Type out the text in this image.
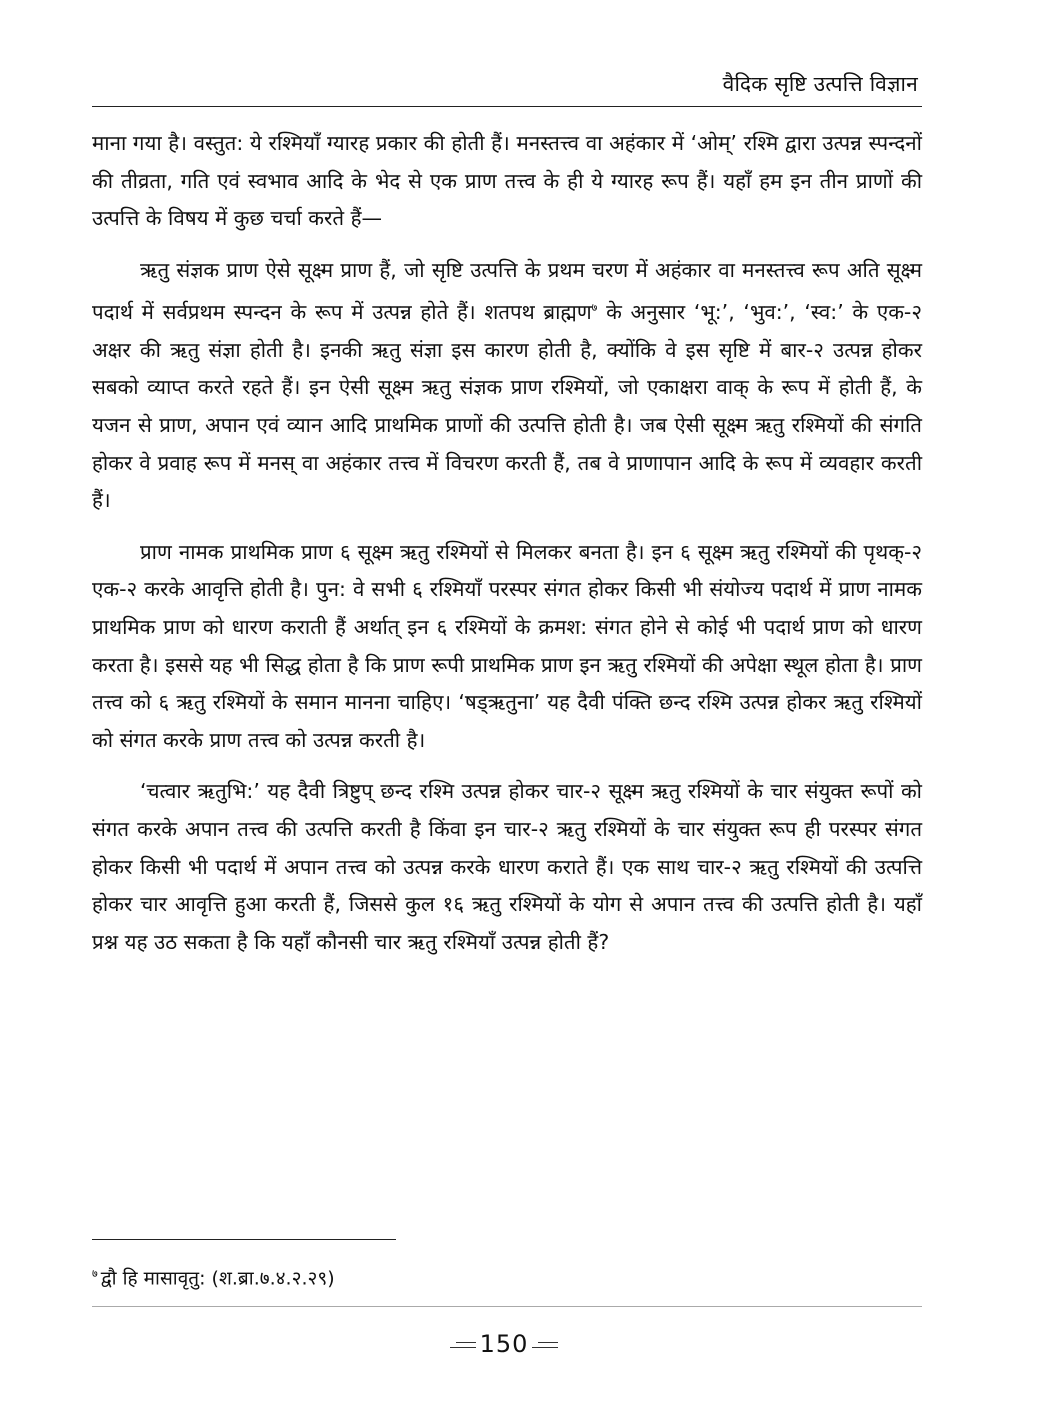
वैदिक सृष्टि उत्पत्ति विज्ञान

माना गया है। वस्तुत: ये रश्मियाँ ग्यारह प्रकार की होती हैं। मनस्तत्त्व वा अहंकार में ‘ओम्’ रश्मि द्वारा उत्पन्न स्पन्दनों की तीव्रता, गति एवं स्वभाव आदि के भेद से एक प्राण तत्त्व के ही ये ग्यारह रूप हैं। यहाँ हम इन तीन प्राणों की उत्पत्ति के विषय में कुछ चर्चा करते हैं—

ऋतु संज्ञक प्राण ऐसे सूक्ष्म प्राण हैं, जो सृष्टि उत्पत्ति के प्रथम चरण में अहंकार वा मनस्तत्त्व रूप अति सूक्ष्म पदार्थ में सर्वप्रथम स्पन्दन के रूप में उत्पन्न होते हैं। शतपथ ब्राह्मण$^७$ के अनुसार ‘भू:’, ‘भुव:’, ‘स्व:’ के एक-२ अक्षर की ऋतु संज्ञा होती है। इनकी ऋतु संज्ञा इस कारण होती है, क्योंकि वे इस सृष्टि में बार-२ उत्पन्न होकर सबको व्याप्त करते रहते हैं। इन ऐसी सूक्ष्म ऋतु संज्ञक प्राण रश्मियों, जो एकाक्षरा वाक् के रूप में होती हैं, के यजन से प्राण, अपान एवं व्यान आदि प्राथमिक प्राणों की उत्पत्ति होती है। जब ऐसी सूक्ष्म ऋतु रश्मियों की संगति होकर वे प्रवाह रूप में मनस् वा अहंकार तत्त्व में विचरण करती हैं, तब वे प्राणापान आदि के रूप में व्यवहार करती हैं।

प्राण नामक प्राथमिक प्राण ६ सूक्ष्म ऋतु रश्मियों से मिलकर बनता है। इन ६ सूक्ष्म ऋतु रश्मियों की पृथक्-२ एक-२ करके आवृत्ति होती है। पुन: वे सभी ६ रश्मियाँ परस्पर संगत होकर किसी भी संयोज्य पदार्थ में प्राण नामक प्राथमिक प्राण को धारण कराती हैं अर्थात् इन ६ रश्मियों के क्रमश: संगत होने से कोई भी पदार्थ प्राण को धारण करता है। इससे यह भी सिद्ध होता है कि प्राण रूपी प्राथमिक प्राण इन ऋतु रश्मियों की अपेक्षा स्थूल होता है। प्राण तत्त्व को ६ ऋतु रश्मियों के समान मानना चाहिए। ‘षड्ऋतुना’ यह दैवी पंक्ति छन्द रश्मि उत्पन्न होकर ऋतु रश्मियों को संगत करके प्राण तत्त्व को उत्पन्न करती है।

‘चत्वार ऋतुभि:’ यह दैवी त्रिष्टुप् छन्द रश्मि उत्पन्न होकर चार-२ सूक्ष्म ऋतु रश्मियों के चार संयुक्त रूपों को संगत करके अपान तत्त्व की उत्पत्ति करती है किंवा इन चार-२ ऋतु रश्मियों के चार संयुक्त रूप ही परस्पर संगत होकर किसी भी पदार्थ में अपान तत्त्व को उत्पन्न करके धारण कराते हैं। एक साथ चार-२ ऋतु रश्मियों की उत्पत्ति होकर चार आवृत्ति हुआ करती हैं, जिससे कुल १६ ऋतु रश्मियों के योग से अपान तत्त्व की उत्पत्ति होती है। यहाँ प्रश्न यह उठ सकता है कि यहाँ कौनसी चार ऋतु रश्मियाँ उत्पन्न होती हैं?

$^७$ द्वौ हि मासावृतु: (श.ब्रा.७.४.२.२९)
150
